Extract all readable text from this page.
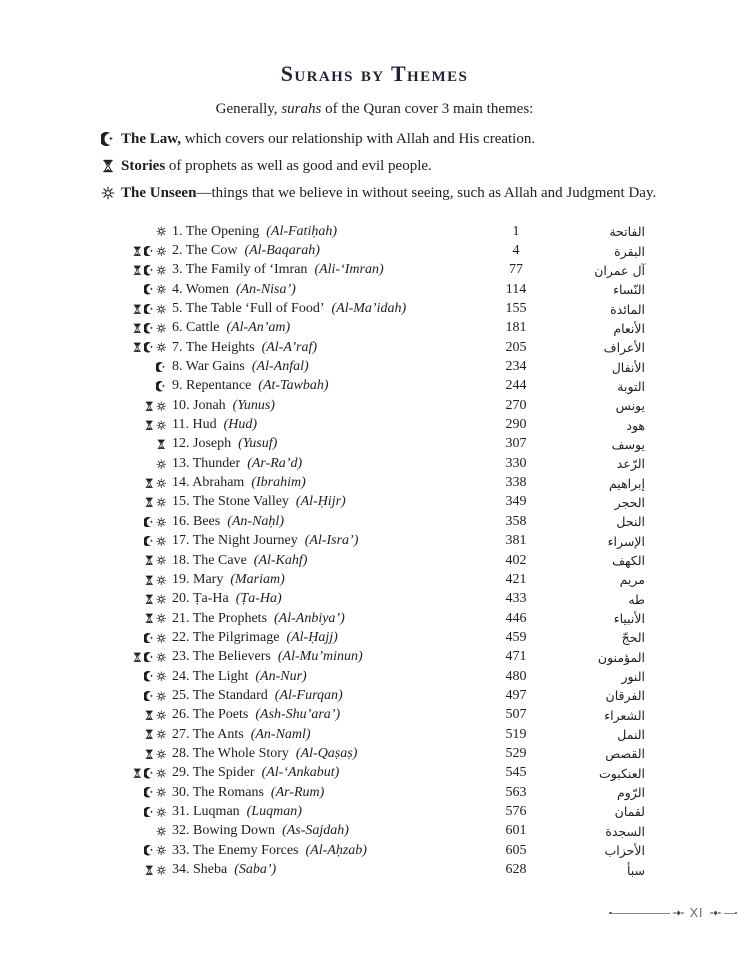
Surahs by Themes
Generally, surahs of the Quran cover 3 main themes:
The Law, which covers our relationship with Allah and His creation.
Stories of prophets as well as good and evil people.
The Unseen—things that we believe in without seeing, such as Allah and Judgment Day.
1. The Opening (Al-Fatiḥah)	1	الفاتحة
2. The Cow (Al-Baqarah)	4	البقرة
3. The Family of ‘Imran (Ali-‘Imran)	77	آل عمران
4. Women (An-Nisa’)	114	النّساء
5. The Table ‘Full of Food’ (Al-Ma’idah)	155	المائدة
6. Cattle (Al-An’am)	181	الأنعام
7. The Heights (Al-A’raf)	205	الأعراف
8. War Gains (Al-Anfal)	234	الأنفال
9. Repentance (At-Tawbah)	244	التوبة
10. Jonah (Yunus)	270	يونس
11. Hud (Hud)	290	هود
12. Joseph (Yusuf)	307	يوسف
13. Thunder (Ar-Ra’d)	330	الرّعد
14. Abraham (Ibrahim)	338	إبراهيم
15. The Stone Valley (Al-Ḥijr)	349	الحجر
16. Bees (An-Naḥl)	358	النحل
17. The Night Journey (Al-Isra’)	381	الإسراء
18. The Cave (Al-Kahf)	402	الكهف
19. Mary (Mariam)	421	مريم
20. Ṭa-Ha (Ṭa-Ha)	433	طه
21. The Prophets (Al-Anbiya’)	446	الأنبياء
22. The Pilgrimage (Al-Ḥajj)	459	الحجّ
23. The Believers (Al-Mu’minun)	471	المؤمنون
24. The Light (An-Nur)	480	النور
25. The Standard (Al-Furqan)	497	الفرقان
26. The Poets (Ash-Shu’ara’)	507	الشعراء
27. The Ants (An-Naml)	519	النمل
28. The Whole Story (Al-Qaṣaṣ)	529	القصص
29. The Spider (Al-‘Ankabut)	545	العنكبوت
30. The Romans (Ar-Rum)	563	الرّوم
31. Luqman (Luqman)	576	لقمان
32. Bowing Down (As-Sajdah)	601	السجدة
33. The Enemy Forces (Al-Aḥzab)	605	الأحزاب
34. Sheba (Saba’)	628	سبأ
XI
